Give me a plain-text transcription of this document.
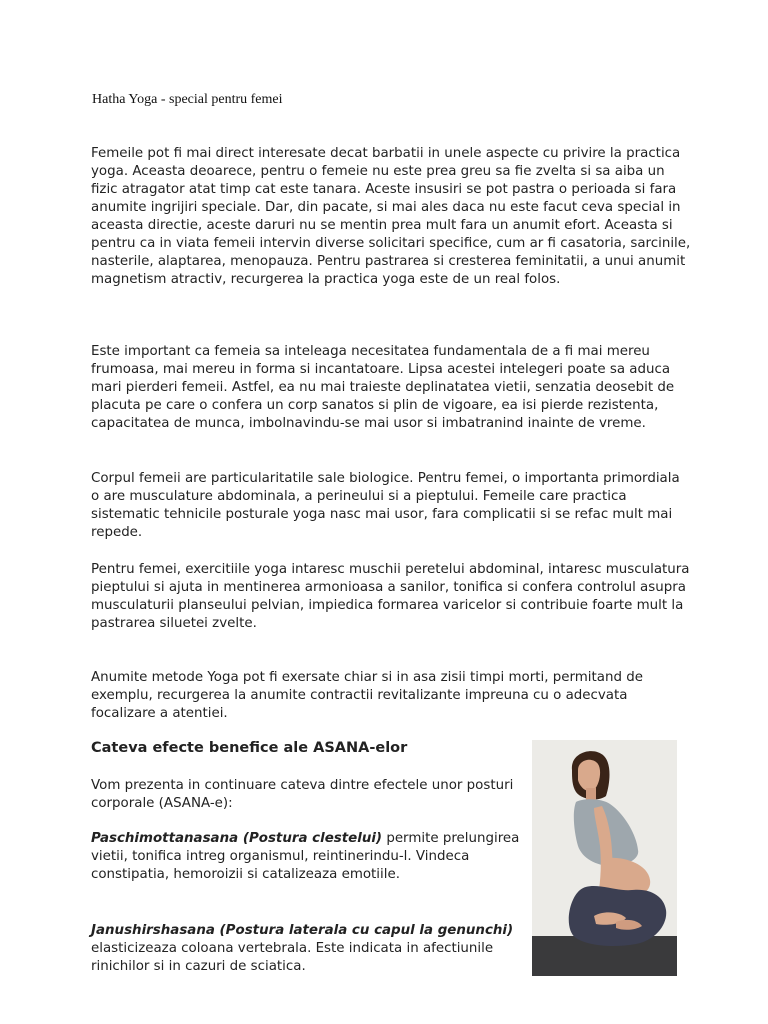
Hatha Yoga - special pentru femei

Femeile pot fi mai direct interesate decat barbatii in unele aspecte cu privire la practica yoga. Aceasta deoarece, pentru o femeie nu este prea greu sa fie zvelta si sa aiba un fizic atragator atat timp cat este tanara. Aceste insusiri se pot pastra o perioada si fara anumite ingrijiri speciale. Dar, din pacate, si mai ales daca nu este facut ceva special in aceasta directie, aceste daruri nu se mentin prea mult fara un anumit efort. Aceasta si pentru ca in viata femeii intervin diverse solicitari specifice, cum ar fi casatoria, sarcinile, nasterile, alaptarea, menopauza. Pentru pastrarea si cresterea feminitatii, a unui anumit magnetism atractiv, recurgerea la practica yoga este de un real folos.

Este important ca femeia sa inteleaga necesitatea fundamentala de a fi mai mereu frumoasa, mai mereu in forma si incantatoare. Lipsa acestei intelegeri poate sa aduca mari pierderi femeii. Astfel, ea nu mai traieste deplinatatea vietii, senzatia deosebit de placuta pe care o confera un corp sanatos si plin de vigoare, ea isi pierde rezistenta, capacitatea de munca, imbolnavindu-se mai usor si imbatranind inainte de vreme.

Corpul femeii are particularitatile sale biologice. Pentru femei, o importanta primordiala o are musculature abdominala, a perineului si a pieptului. Femeile care practica sistematic tehnicile posturale yoga nasc mai usor, fara complicatii si se refac mult mai repede.

Pentru femei, exercitiile yoga intaresc muschii peretelui abdominal, intaresc musculatura pieptului si ajuta in mentinerea armonioasa a sanilor, tonifica si confera controlul asupra musculaturii planseului pelvian, impiedica formarea varicelor si contribuie foarte mult la pastrarea siluetei zvelte.

Anumite metode Yoga pot fi exersate chiar si in asa zisii timpi morti, permitand de exemplu, recurgerea la anumite contractii revitalizante impreuna cu o adecvata focalizare a atentiei.

Cateva efecte benefice ale ASANA-elor

Vom prezenta in continuare cateva dintre efectele unor posturi corporale (ASANA-e):

Paschimottanasana (Postura clestelui) permite prelungirea vietii, tonifica intreg organismul, reintinerindu-l. Vindeca constipatia, hemoroizii si catalizeaza emotiile.

Janushirshasana (Postura laterala cu capul la genunchi) elasticizeaza coloana vertebrala. Este indicata in afectiunile rinichilor si in cazuri de sciatica.
